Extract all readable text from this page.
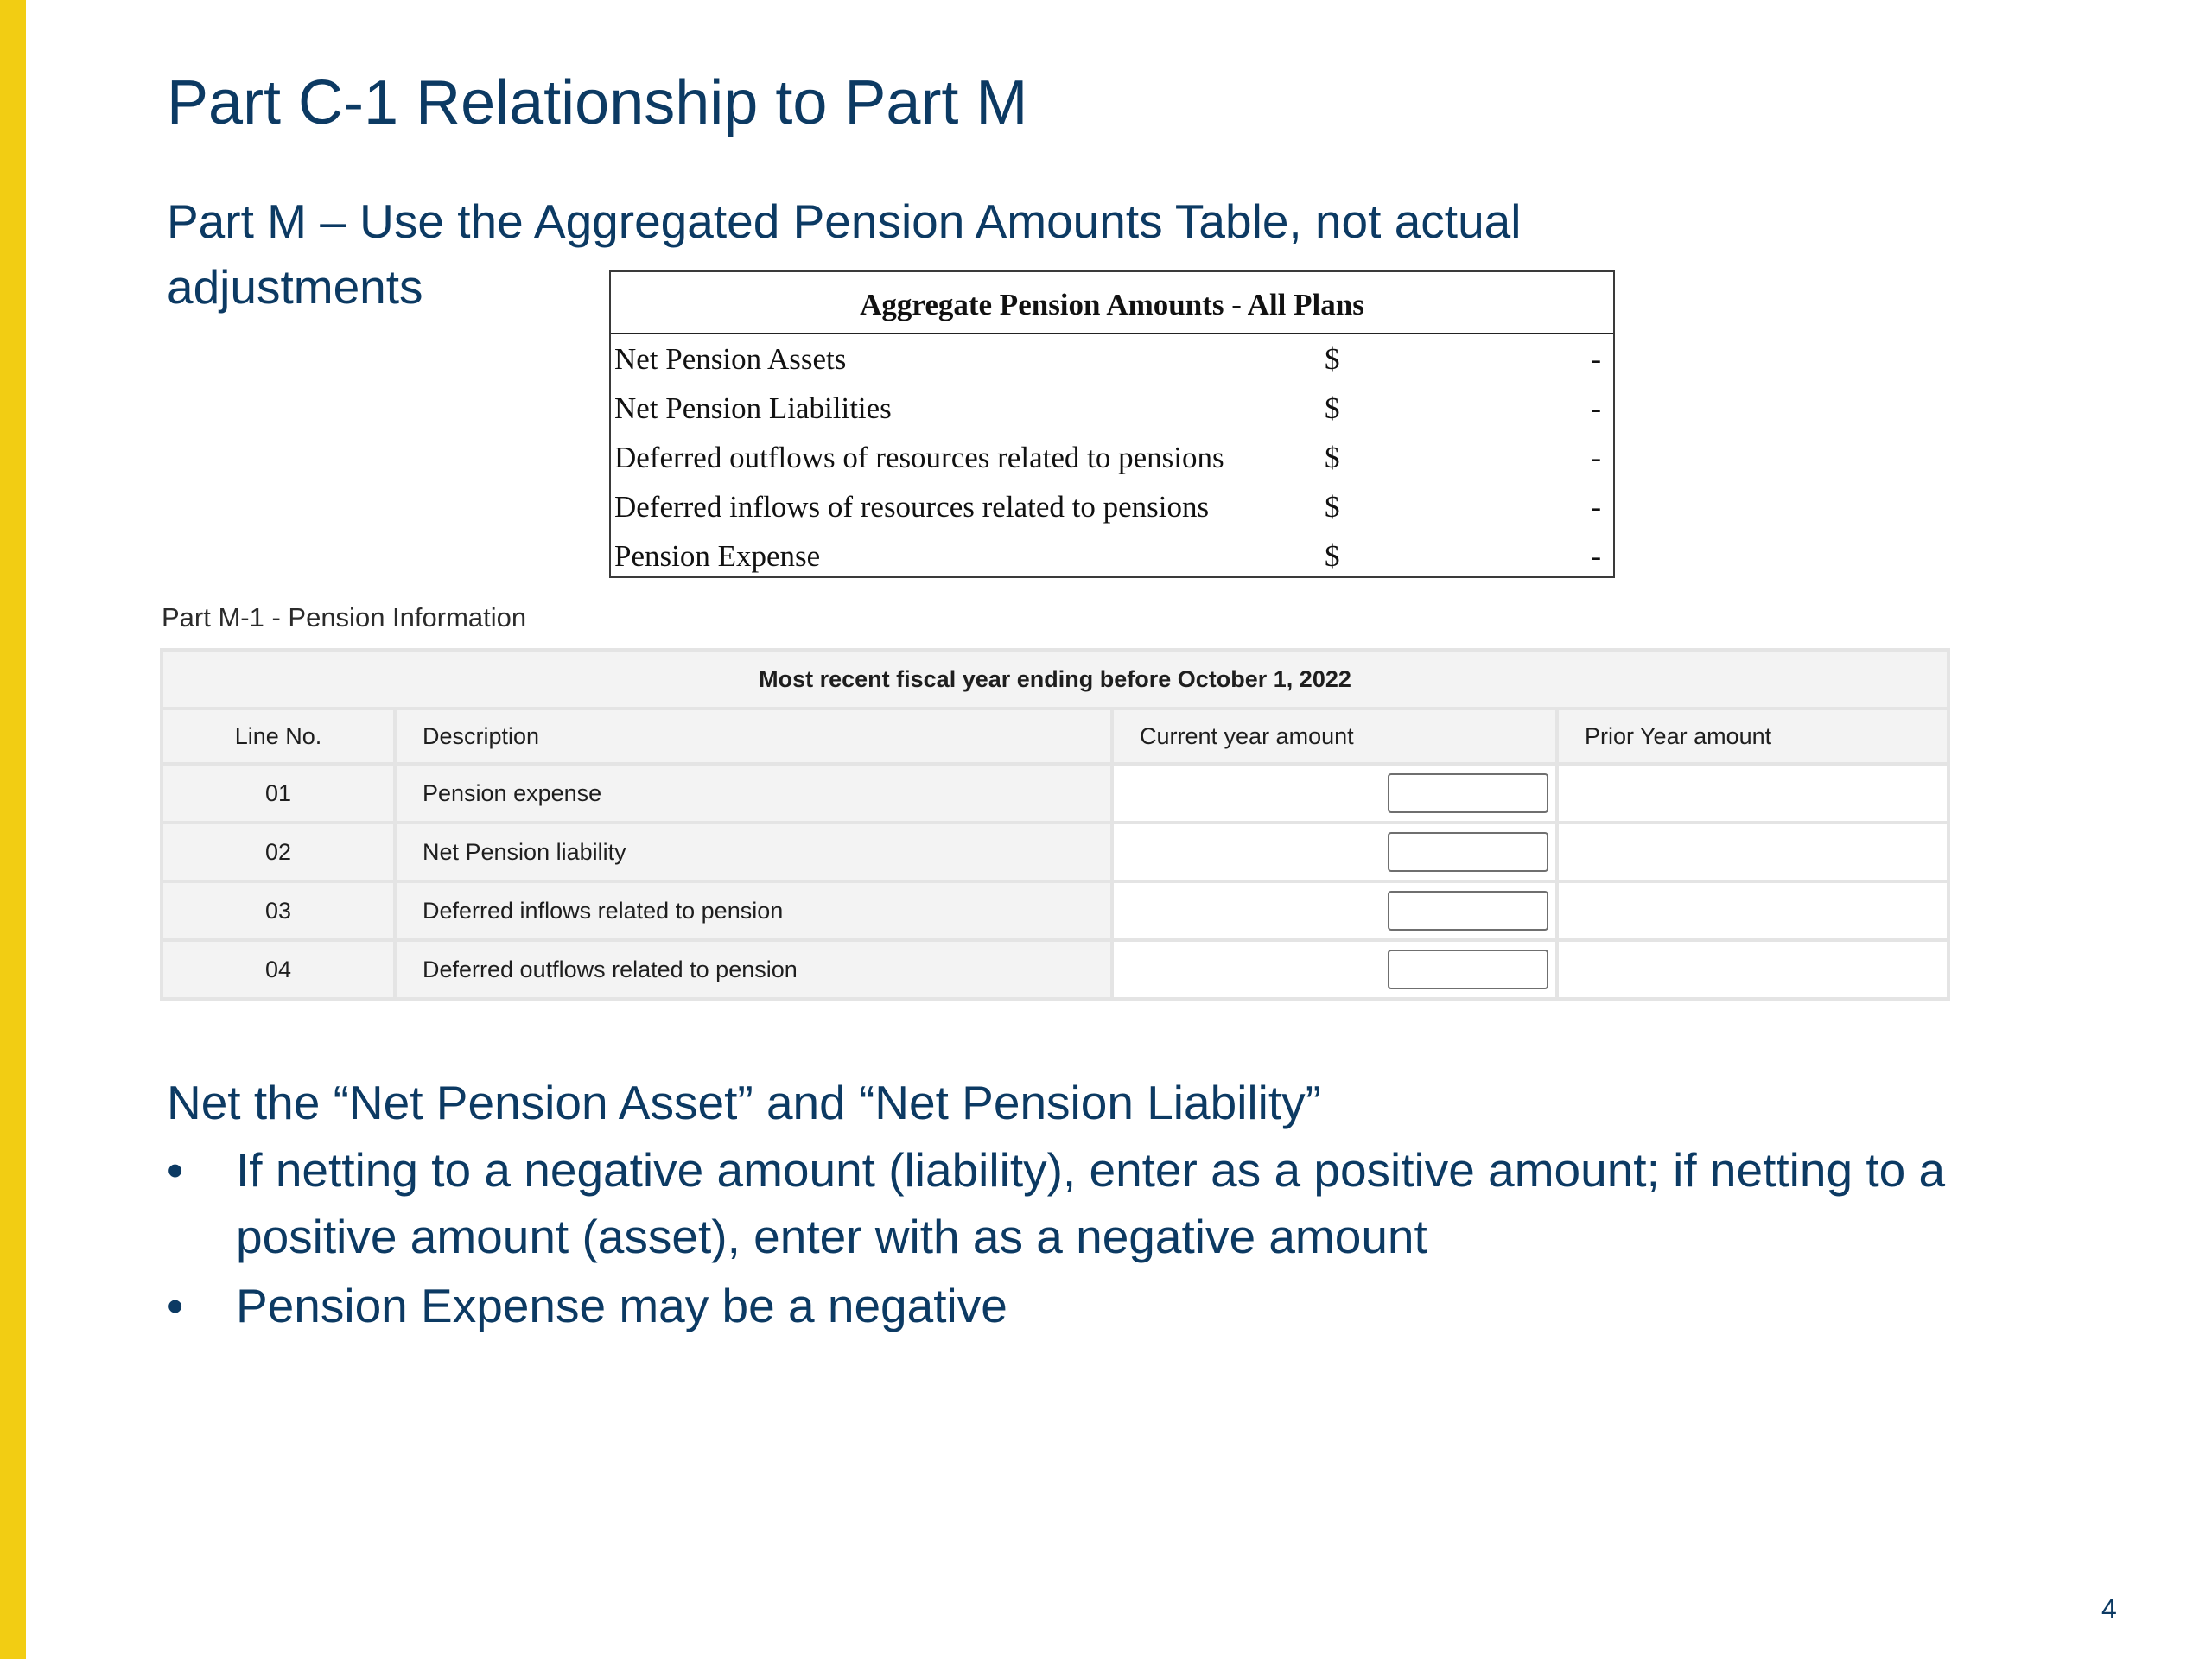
Part C-1 Relationship to Part M

Part M – Use the Aggregated Pension Amounts Table, not actual adjustments	Aggregate Pension Amounts - All Plans
Net Pension Assets	$	-
Net Pension Liabilities	$	-
Deferred outflows of resources related to pensions	$	-
Deferred inflows of resources related to pensions	$	-
Pension Expense	$	-
Part M-1 - Pension Information
Most recent fiscal year ending before October 1, 2022			
Line No.	Description	Current year amount	Prior Year amount
01	Pension expense	

02	Net Pension liability	

03	Deferred inflows related to pension	

04	Deferred outflows related to pension	

Net the “Net Pension Asset” and “Net Pension Liability”
• If netting to a negative amount (liability), enter as a positive amount; if netting to a positive amount (asset), enter with as a negative amount
• Pension Expense may be a negative
4
